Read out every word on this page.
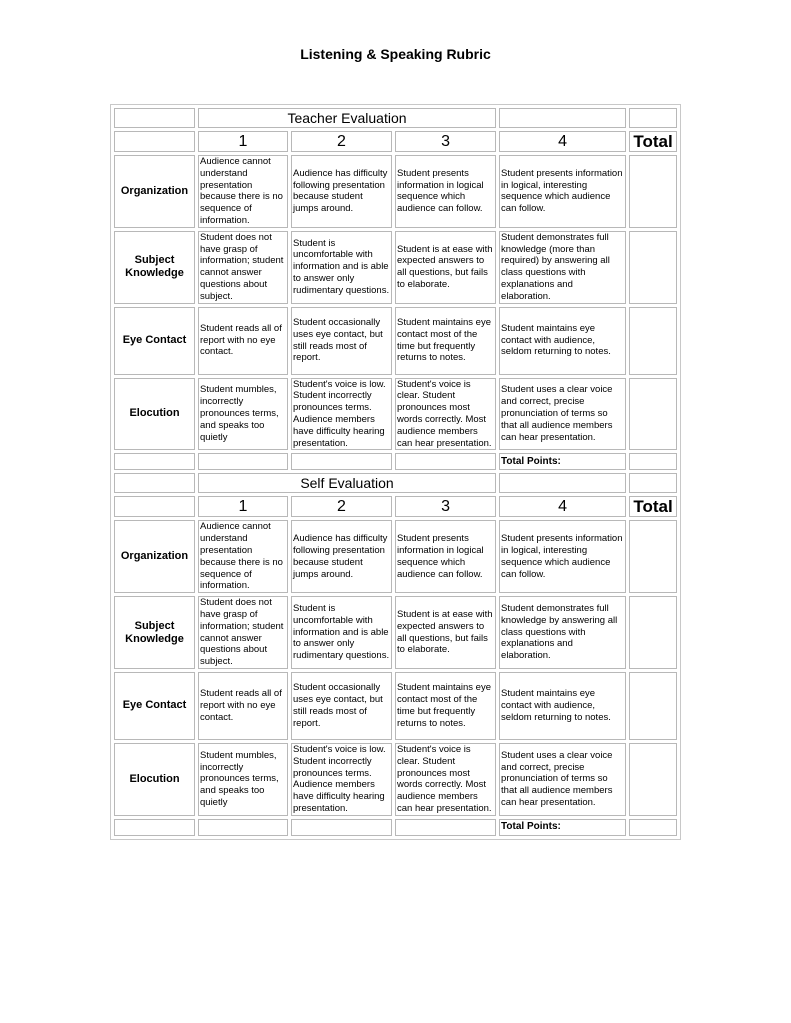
Listening & Speaking Rubric
	Teacher Evaluation				
	1	2	3	4	Total
Organization	Audience cannot understand presentation because there is no sequence of information.	Audience has difficulty following presentation because student jumps around.	Student presents information in logical sequence which audience can follow.	Student presents information in logical, interesting sequence which audience can follow.	
Subject Knowledge	Student does not have grasp of information; student cannot answer questions about subject.	Student is uncomfortable with information and is able to answer only rudimentary questions.	Student is at ease with expected answers to all questions, but fails to elaborate.	Student demonstrates full knowledge (more than required) by answering all class questions with explanations and elaboration.	
Eye Contact	Student reads all of report with no eye contact.	Student occasionally uses eye contact, but still reads most of report.	Student maintains eye contact most of the time but frequently returns to notes.	Student maintains eye contact with audience, seldom returning to notes.	
Elocution	Student mumbles, incorrectly pronounces terms, and speaks too quietly	Student's voice is low. Student incorrectly pronounces terms. Audience members have difficulty hearing presentation.	Student's voice is clear. Student pronounces most words correctly. Most audience members can hear presentation.	Student uses a clear voice and correct, precise pronunciation of terms so that all audience members can hear presentation.	
				Total Points:	
	Self Evaluation				
	1	2	3	4	Total
Organization	Audience cannot understand presentation because there is no sequence of information.	Audience has difficulty following presentation because student jumps around.	Student presents information in logical sequence which audience can follow.	Student presents information in logical, interesting sequence which audience can follow.	
Subject Knowledge	Student does not have grasp of information; student cannot answer questions about subject.	Student is uncomfortable with information and is able to answer only rudimentary questions.	Student is at ease with expected answers to all questions, but fails to elaborate.	Student demonstrates full knowledge by answering all class questions with explanations and elaboration.	
Eye Contact	Student reads all of report with no eye contact.	Student occasionally uses eye contact, but still reads most of report.	Student maintains eye contact most of the time but frequently returns to notes.	Student maintains eye contact with audience, seldom returning to notes.	
Elocution	Student mumbles, incorrectly pronounces terms, and speaks too quietly	Student's voice is low. Student incorrectly pronounces terms. Audience members have difficulty hearing presentation.	Student's voice is clear. Student pronounces most words correctly. Most audience members can hear presentation.	Student uses a clear voice and correct, precise pronunciation of terms so that all audience members can hear presentation.	
				Total Points:	
